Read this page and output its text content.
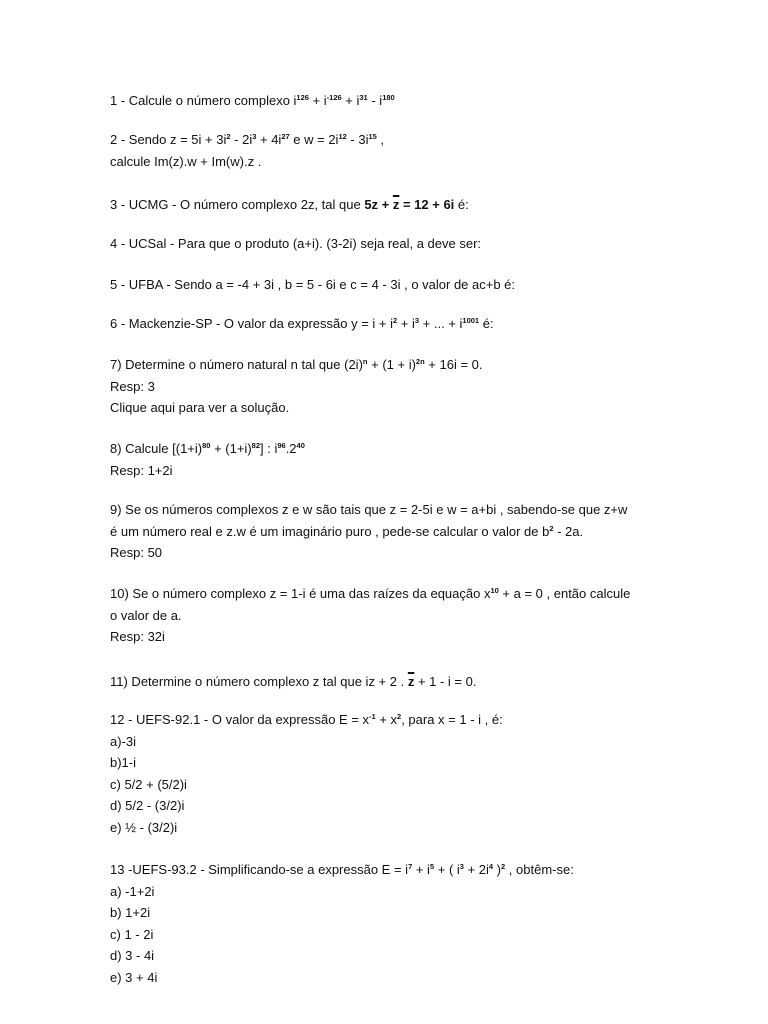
1 - Calcule o número complexo $i^{126} + i^{-126} + i^{31} - i^{180}$

2 - Sendo $z = 5i + 3i^2 - 2i^3 + 4i^{27}$ e $w = 2i^{12} - 3i^{15}$ ,

calcule Im(z).w + Im(w).z .

3 - UCMG - O número complexo 2z, tal que $5z + \overline{z} = 12 + 6i$ é:

4 - UCSal - Para que o produto (a+i). (3-2i) seja real, a deve ser:

5 - UFBA - Sendo a = -4 + 3i , b = 5 - 6i e c = 4 - 3i , o valor de ac+b é:

6 - Mackenzie-SP - O valor da expressão $y = i + i^2 + i^3$ + ... + $i^{1001}$ é:

7) Determine o número natural n tal que $(2i)^n + (1 + i)^{2n} + 16i = 0$.

Resp: 3

Clique aqui para ver a solução.

8) Calcule $[(1+i)^{80} + (1+i)^{82}]$ : $i^{96}.2^{40}$

Resp: 1+2i

9) Se os números complexos z e w são tais que z = 2-5i e w = a+bi , sabendo-se que z+w

é um número real e z.w é um imaginário puro , pede-se calcular o valor de $b^2 - 2a$.

Resp: 50

10) Se o número complexo z = 1-i é uma das raízes da equação $x^{10} + a = 0$ , então calcule

o valor de a.

Resp: 32i

11) Determine o número complexo z tal que iz + 2 . $\overline{z} + 1 - i = 0$.

12 - UEFS-92.1 - O valor da expressão $E = x^{-1} + x^2$, para x = 1 - i , é:

a)-3i

b)1-i

c) 5/2 + (5/2)i

d) 5/2 - (3/2)i

e) ½ - (3/2)i

13 -UEFS-93.2 - Simplificando-se a expressão $E = i^7 + i^5$ + ( $i^3 + 2i^4$ )$^2$ , obtêm-se:

a) -1+2i

b) 1+2i

c) 1 - 2i

d) 3 - 4i

e) 3 + 4i
